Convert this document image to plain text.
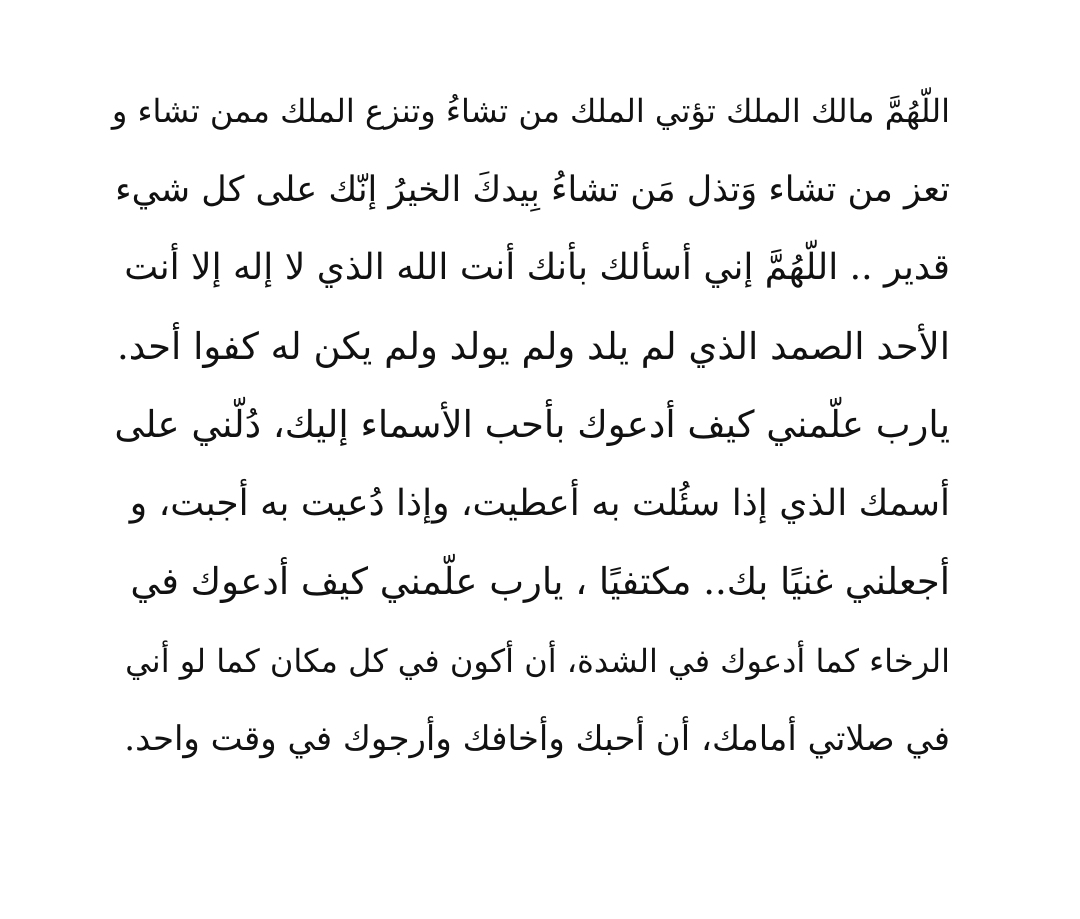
اللّهُمَّ مالك الملك تؤتي الملك من تشاءُ وتنزع الملك ممن تشاء و
تعز من تشاء وَتذل مَن تشاءُ بِيدكَ الخيرُ إنّك على كل شيء
قدير .. اللّهُمَّ إني أسألك بأنك أنت الله الذي لا إله إلا أنت
الأحد الصمد الذي لم يلد ولم يولد ولم يكن له كفوا أحد.
يارب علّمني كيف أدعوك بأحب الأسماء إليك، دُلّني على
أسمك الذي إذا سئُلت به أعطيت، وإذا دُعيت به أجبت، و
أجعلني غنيًا بك.. مكتفيًا ، يارب علّمني كيف أدعوك في
الرخاء كما أدعوك في الشدة، أن أكون في كل مكان كما لو أني
في صلاتي أمامك، أن أحبك وأخافك وأرجوك في وقت واحد.
